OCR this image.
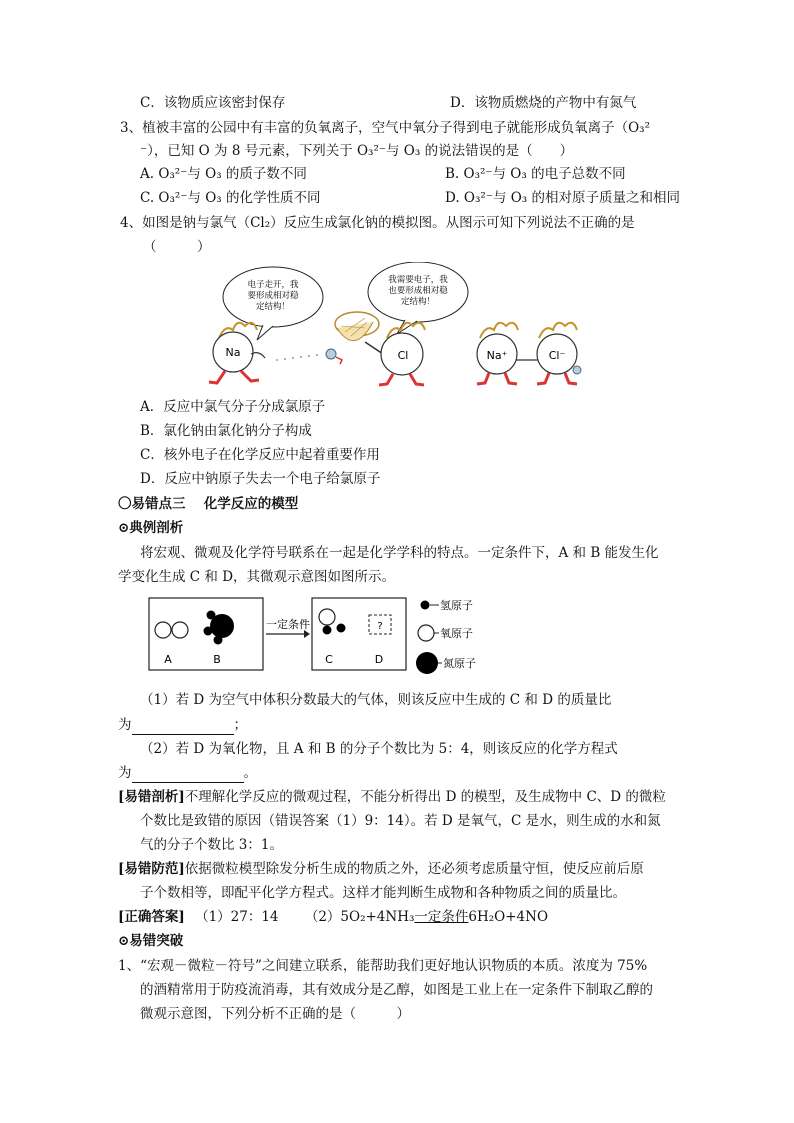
C．该物质应该密封保存	D．该物质燃烧的产物中有氮气
3、植被丰富的公园中有丰富的负氧离子，空气中氧分子得到电子就能形成负氧离子（O₃²
⁻），已知 O 为 8 号元素，下列关于 O₃²⁻与 O₃ 的说法错误的是（　　）
A. O₃²⁻与 O₃ 的质子数不同	B. O₃²⁻与 O₃ 的电子总数不同
C. O₃²⁻与 O₃ 的化学性质不同	D. O₃²⁻与 O₃ 的相对原子质量之和相同
4、如图是钠与氯气（Cl₂）反应生成氯化钠的模拟图。从图示可知下列说法不正确的是
（　　　）
电子走开，我
要形成相对稳
定结构！
我需要电子，我
也要形成相对稳
定结构！
Na	Cl	Na⁺	Cl⁻
A．反应中氯气分子分成氯原子
B．氯化钠由氯化钠分子构成
C．核外电子在化学反应中起着重要作用
D．反应中钠原子失去一个电子给氯原子
〇易错点三　 化学反应的模型
⊙典例剖析
将宏观、微观及化学符号联系在一起是化学学科的特点。一定条件下，A 和 B 能发生化
学变化生成 C 和 D，其微观示意图如图所示。
A	B
一定条件	?
C	D
氢原子
氧原子
氮原子
（1）若 D 为空气中体积分数最大的气体，则该反应中生成的 C 和 D 的质量比
为	；
（2）若 D 为氧化物，且 A 和 B 的分子个数比为 5：4，则该反应的化学方程式
为	。
[易错剖析]不理解化学反应的微观过程，不能分析得出 D 的模型，及生成物中 C、D 的微粒
个数比是致错的原因（错误答案（1）9：14）。若 D 是氧气，C 是水，则生成的水和氮
气的分子个数比 3：1。
[易错防范]依据微粒模型除发分析生成的物质之外，还必须考虑质量守恒，使反应前后原
子个数相等，即配平化学方程式。这样才能判断生成物和各种物质之间的质量比。
[正确答案] （1）27：14 （2）5O₂+4NH₃一定条件6H₂O+4NO
⊙易错突破
1、“宏观－微粒－符号”之间建立联系，能帮助我们更好地认识物质的本质。浓度为 75%
的酒精常用于防疫流消毒，其有效成分是乙醇，如图是工业上在一定条件下制取乙醇的
微观示意图，下列分析不正确的是（　　　）
